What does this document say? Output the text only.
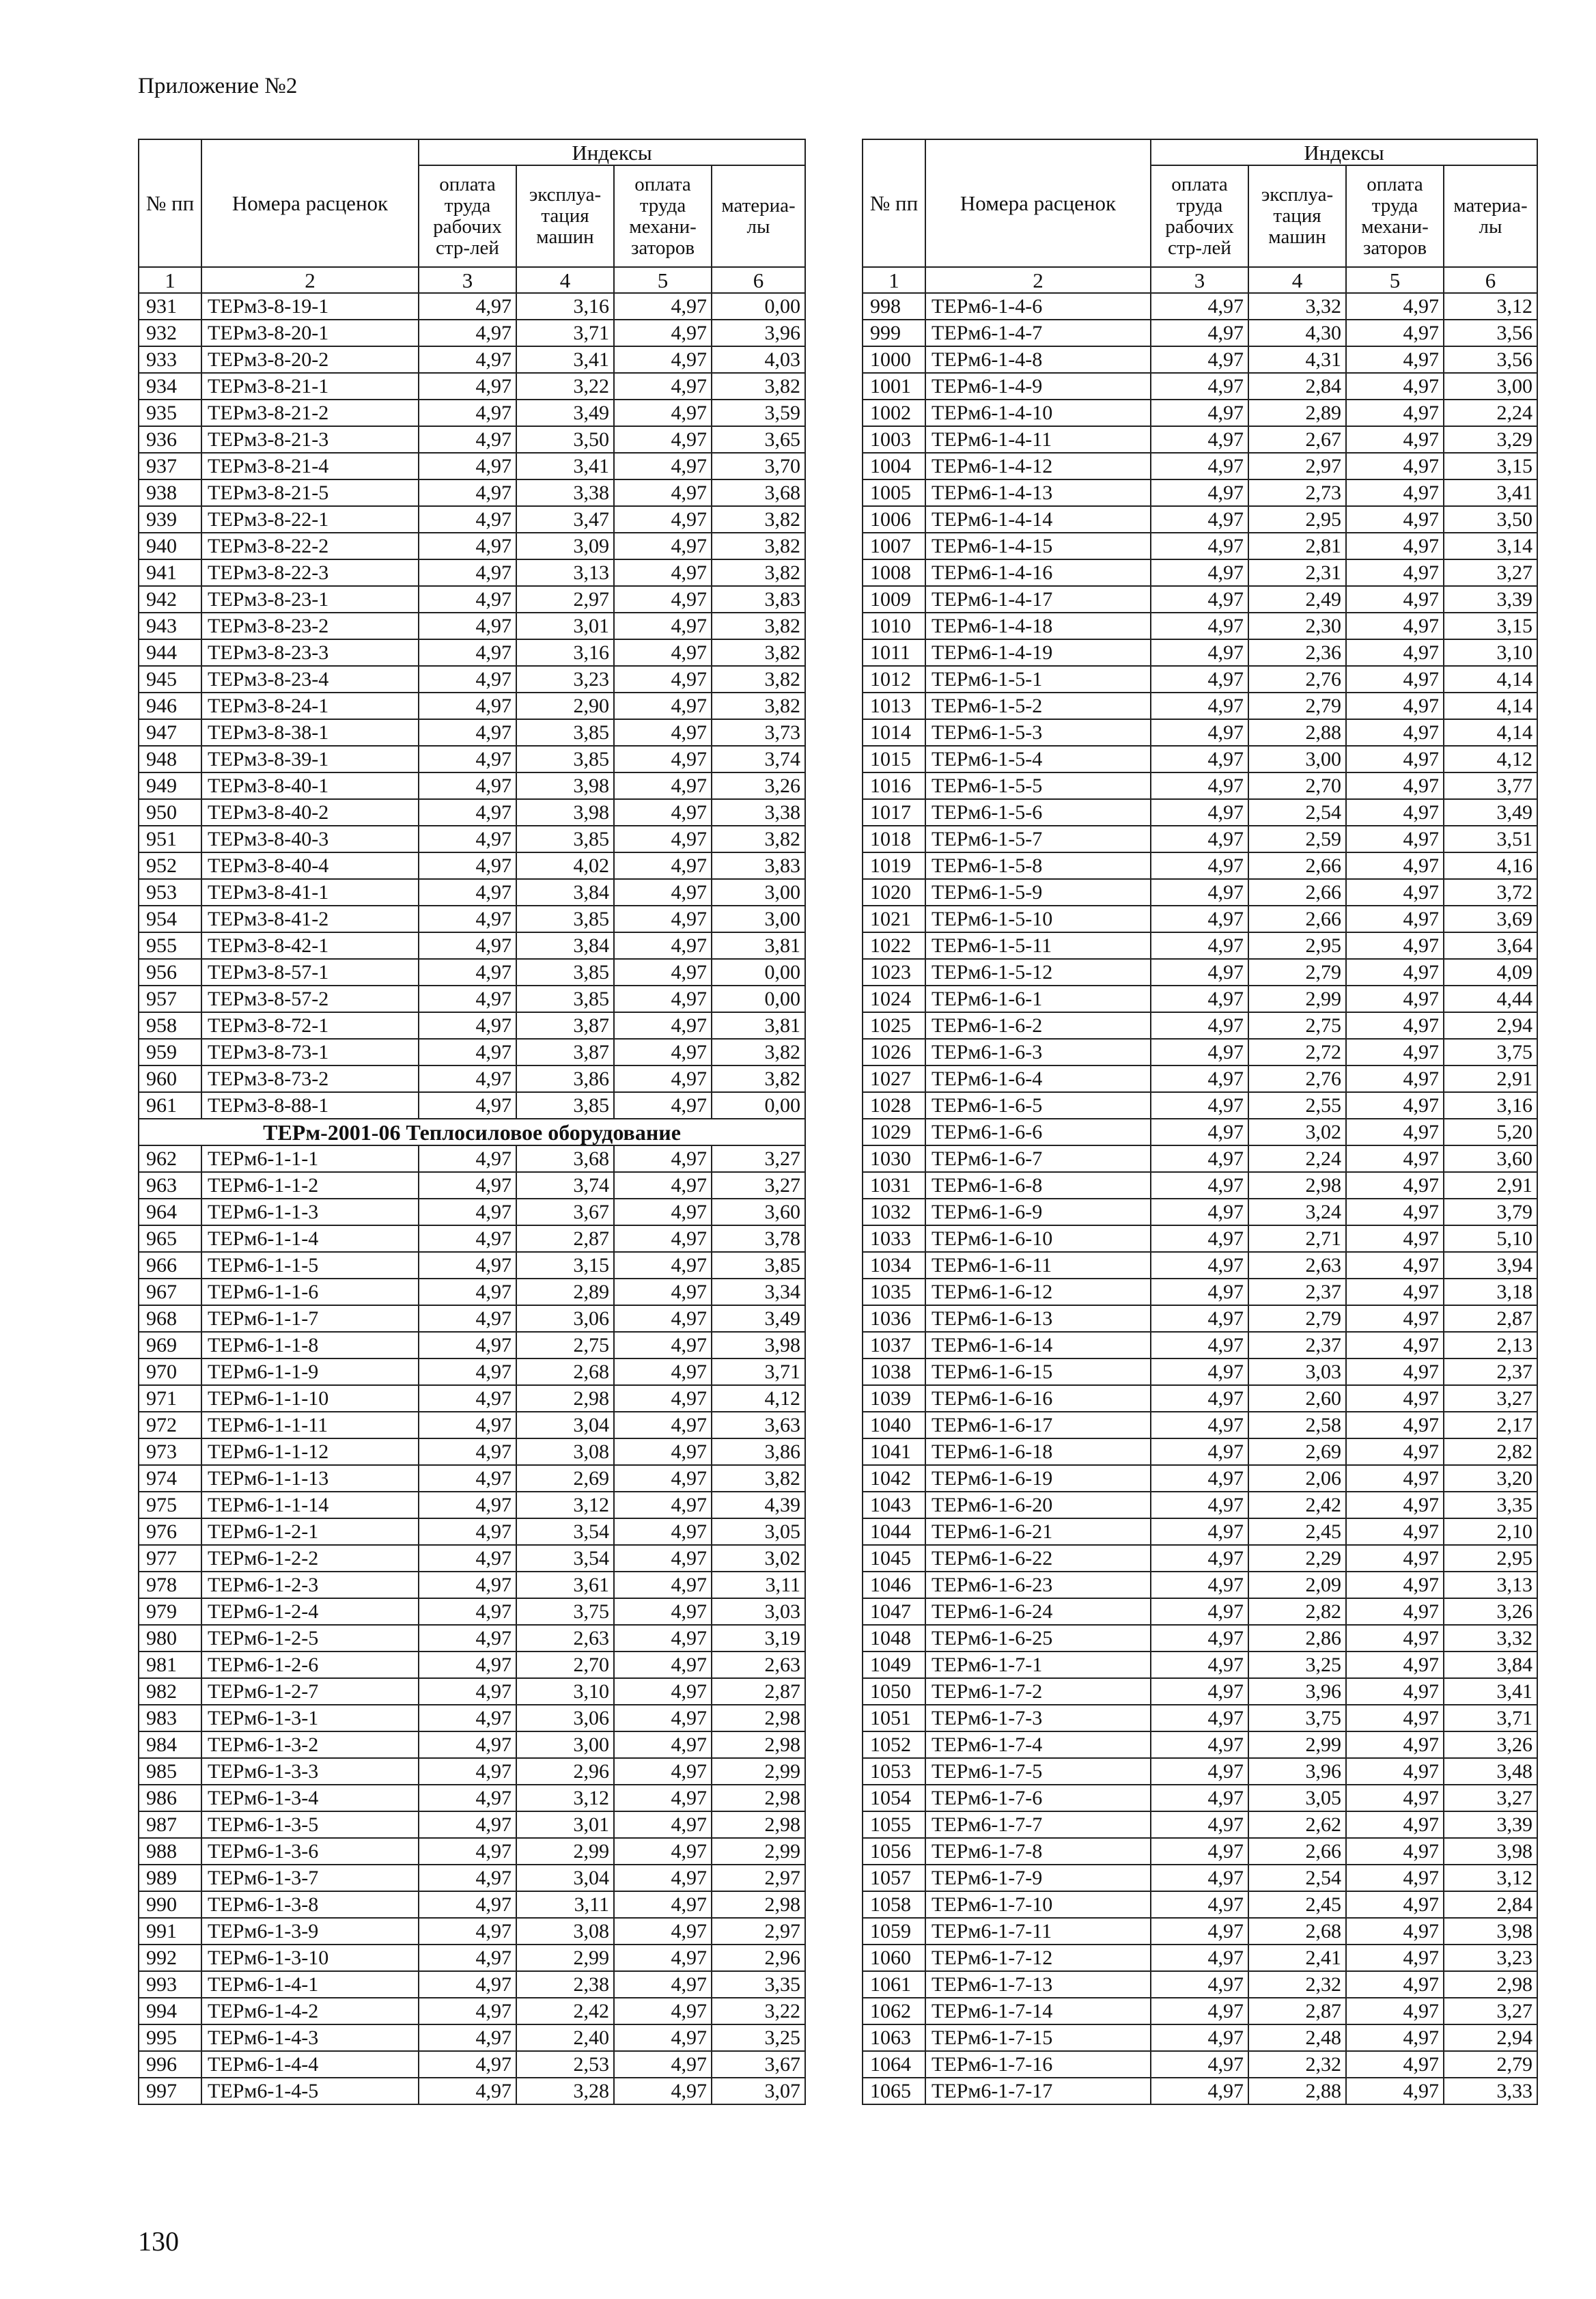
Приложение №2
№ пп	Номера расценок	Индексы			
		оплата труда рабочих стр-лей	эксплуа-тация машин	оплата труда механи-заторов	материа-лы
1	2	3	4	5	6
931	ТЕРм3-8-19-1	4,97	3,16	4,97	0,00
932	ТЕРм3-8-20-1	4,97	3,71	4,97	3,96
933	ТЕРм3-8-20-2	4,97	3,41	4,97	4,03
934	ТЕРм3-8-21-1	4,97	3,22	4,97	3,82
935	ТЕРм3-8-21-2	4,97	3,49	4,97	3,59
936	ТЕРм3-8-21-3	4,97	3,50	4,97	3,65
937	ТЕРм3-8-21-4	4,97	3,41	4,97	3,70
938	ТЕРм3-8-21-5	4,97	3,38	4,97	3,68
939	ТЕРм3-8-22-1	4,97	3,47	4,97	3,82
940	ТЕРм3-8-22-2	4,97	3,09	4,97	3,82
941	ТЕРм3-8-22-3	4,97	3,13	4,97	3,82
942	ТЕРм3-8-23-1	4,97	2,97	4,97	3,83
943	ТЕРм3-8-23-2	4,97	3,01	4,97	3,82
944	ТЕРм3-8-23-3	4,97	3,16	4,97	3,82
945	ТЕРм3-8-23-4	4,97	3,23	4,97	3,82
946	ТЕРм3-8-24-1	4,97	2,90	4,97	3,82
947	ТЕРм3-8-38-1	4,97	3,85	4,97	3,73
948	ТЕРм3-8-39-1	4,97	3,85	4,97	3,74
949	ТЕРм3-8-40-1	4,97	3,98	4,97	3,26
950	ТЕРм3-8-40-2	4,97	3,98	4,97	3,38
951	ТЕРм3-8-40-3	4,97	3,85	4,97	3,82
952	ТЕРм3-8-40-4	4,97	4,02	4,97	3,83
953	ТЕРм3-8-41-1	4,97	3,84	4,97	3,00
954	ТЕРм3-8-41-2	4,97	3,85	4,97	3,00
955	ТЕРм3-8-42-1	4,97	3,84	4,97	3,81
956	ТЕРм3-8-57-1	4,97	3,85	4,97	0,00
957	ТЕРм3-8-57-2	4,97	3,85	4,97	0,00
958	ТЕРм3-8-72-1	4,97	3,87	4,97	3,81
959	ТЕРм3-8-73-1	4,97	3,87	4,97	3,82
960	ТЕРм3-8-73-2	4,97	3,86	4,97	3,82
961	ТЕРм3-8-88-1	4,97	3,85	4,97	0,00
ТЕРм-2001-06 Теплосиловое оборудование					
962	ТЕРм6-1-1-1	4,97	3,68	4,97	3,27
963	ТЕРм6-1-1-2	4,97	3,74	4,97	3,27
964	ТЕРм6-1-1-3	4,97	3,67	4,97	3,60
965	ТЕРм6-1-1-4	4,97	2,87	4,97	3,78
966	ТЕРм6-1-1-5	4,97	3,15	4,97	3,85
967	ТЕРм6-1-1-6	4,97	2,89	4,97	3,34
968	ТЕРм6-1-1-7	4,97	3,06	4,97	3,49
969	ТЕРм6-1-1-8	4,97	2,75	4,97	3,98
970	ТЕРм6-1-1-9	4,97	2,68	4,97	3,71
971	ТЕРм6-1-1-10	4,97	2,98	4,97	4,12
972	ТЕРм6-1-1-11	4,97	3,04	4,97	3,63
973	ТЕРм6-1-1-12	4,97	3,08	4,97	3,86
974	ТЕРм6-1-1-13	4,97	2,69	4,97	3,82
975	ТЕРм6-1-1-14	4,97	3,12	4,97	4,39
976	ТЕРм6-1-2-1	4,97	3,54	4,97	3,05
977	ТЕРм6-1-2-2	4,97	3,54	4,97	3,02
978	ТЕРм6-1-2-3	4,97	3,61	4,97	3,11
979	ТЕРм6-1-2-4	4,97	3,75	4,97	3,03
980	ТЕРм6-1-2-5	4,97	2,63	4,97	3,19
981	ТЕРм6-1-2-6	4,97	2,70	4,97	2,63
982	ТЕРм6-1-2-7	4,97	3,10	4,97	2,87
983	ТЕРм6-1-3-1	4,97	3,06	4,97	2,98
984	ТЕРм6-1-3-2	4,97	3,00	4,97	2,98
985	ТЕРм6-1-3-3	4,97	2,96	4,97	2,99
986	ТЕРм6-1-3-4	4,97	3,12	4,97	2,98
987	ТЕРм6-1-3-5	4,97	3,01	4,97	2,98
988	ТЕРм6-1-3-6	4,97	2,99	4,97	2,99
989	ТЕРм6-1-3-7	4,97	3,04	4,97	2,97
990	ТЕРм6-1-3-8	4,97	3,11	4,97	2,98
991	ТЕРм6-1-3-9	4,97	3,08	4,97	2,97
992	ТЕРм6-1-3-10	4,97	2,99	4,97	2,96
993	ТЕРм6-1-4-1	4,97	2,38	4,97	3,35
994	ТЕРм6-1-4-2	4,97	2,42	4,97	3,22
995	ТЕРм6-1-4-3	4,97	2,40	4,97	3,25
996	ТЕРм6-1-4-4	4,97	2,53	4,97	3,67
997	ТЕРм6-1-4-5	4,97	3,28	4,97	3,07
№ пп	Номера расценок	Индексы			
		оплата труда рабочих стр-лей	эксплуа-тация машин	оплата труда механи-заторов	материа-лы
1	2	3	4	5	6
998	ТЕРм6-1-4-6	4,97	3,32	4,97	3,12
999	ТЕРм6-1-4-7	4,97	4,30	4,97	3,56
1000	ТЕРм6-1-4-8	4,97	4,31	4,97	3,56
1001	ТЕРм6-1-4-9	4,97	2,84	4,97	3,00
1002	ТЕРм6-1-4-10	4,97	2,89	4,97	2,24
1003	ТЕРм6-1-4-11	4,97	2,67	4,97	3,29
1004	ТЕРм6-1-4-12	4,97	2,97	4,97	3,15
1005	ТЕРм6-1-4-13	4,97	2,73	4,97	3,41
1006	ТЕРм6-1-4-14	4,97	2,95	4,97	3,50
1007	ТЕРм6-1-4-15	4,97	2,81	4,97	3,14
1008	ТЕРм6-1-4-16	4,97	2,31	4,97	3,27
1009	ТЕРм6-1-4-17	4,97	2,49	4,97	3,39
1010	ТЕРм6-1-4-18	4,97	2,30	4,97	3,15
1011	ТЕРм6-1-4-19	4,97	2,36	4,97	3,10
1012	ТЕРм6-1-5-1	4,97	2,76	4,97	4,14
1013	ТЕРм6-1-5-2	4,97	2,79	4,97	4,14
1014	ТЕРм6-1-5-3	4,97	2,88	4,97	4,14
1015	ТЕРм6-1-5-4	4,97	3,00	4,97	4,12
1016	ТЕРм6-1-5-5	4,97	2,70	4,97	3,77
1017	ТЕРм6-1-5-6	4,97	2,54	4,97	3,49
1018	ТЕРм6-1-5-7	4,97	2,59	4,97	3,51
1019	ТЕРм6-1-5-8	4,97	2,66	4,97	4,16
1020	ТЕРм6-1-5-9	4,97	2,66	4,97	3,72
1021	ТЕРм6-1-5-10	4,97	2,66	4,97	3,69
1022	ТЕРм6-1-5-11	4,97	2,95	4,97	3,64
1023	ТЕРм6-1-5-12	4,97	2,79	4,97	4,09
1024	ТЕРм6-1-6-1	4,97	2,99	4,97	4,44
1025	ТЕРм6-1-6-2	4,97	2,75	4,97	2,94
1026	ТЕРм6-1-6-3	4,97	2,72	4,97	3,75
1027	ТЕРм6-1-6-4	4,97	2,76	4,97	2,91
1028	ТЕРм6-1-6-5	4,97	2,55	4,97	3,16
1029	ТЕРм6-1-6-6	4,97	3,02	4,97	5,20
1030	ТЕРм6-1-6-7	4,97	2,24	4,97	3,60
1031	ТЕРм6-1-6-8	4,97	2,98	4,97	2,91
1032	ТЕРм6-1-6-9	4,97	3,24	4,97	3,79
1033	ТЕРм6-1-6-10	4,97	2,71	4,97	5,10
1034	ТЕРм6-1-6-11	4,97	2,63	4,97	3,94
1035	ТЕРм6-1-6-12	4,97	2,37	4,97	3,18
1036	ТЕРм6-1-6-13	4,97	2,79	4,97	2,87
1037	ТЕРм6-1-6-14	4,97	2,37	4,97	2,13
1038	ТЕРм6-1-6-15	4,97	3,03	4,97	2,37
1039	ТЕРм6-1-6-16	4,97	2,60	4,97	3,27
1040	ТЕРм6-1-6-17	4,97	2,58	4,97	2,17
1041	ТЕРм6-1-6-18	4,97	2,69	4,97	2,82
1042	ТЕРм6-1-6-19	4,97	2,06	4,97	3,20
1043	ТЕРм6-1-6-20	4,97	2,42	4,97	3,35
1044	ТЕРм6-1-6-21	4,97	2,45	4,97	2,10
1045	ТЕРм6-1-6-22	4,97	2,29	4,97	2,95
1046	ТЕРм6-1-6-23	4,97	2,09	4,97	3,13
1047	ТЕРм6-1-6-24	4,97	2,82	4,97	3,26
1048	ТЕРм6-1-6-25	4,97	2,86	4,97	3,32
1049	ТЕРм6-1-7-1	4,97	3,25	4,97	3,84
1050	ТЕРм6-1-7-2	4,97	3,96	4,97	3,41
1051	ТЕРм6-1-7-3	4,97	3,75	4,97	3,71
1052	ТЕРм6-1-7-4	4,97	2,99	4,97	3,26
1053	ТЕРм6-1-7-5	4,97	3,96	4,97	3,48
1054	ТЕРм6-1-7-6	4,97	3,05	4,97	3,27
1055	ТЕРм6-1-7-7	4,97	2,62	4,97	3,39
1056	ТЕРм6-1-7-8	4,97	2,66	4,97	3,98
1057	ТЕРм6-1-7-9	4,97	2,54	4,97	3,12
1058	ТЕРм6-1-7-10	4,97	2,45	4,97	2,84
1059	ТЕРм6-1-7-11	4,97	2,68	4,97	3,98
1060	ТЕРм6-1-7-12	4,97	2,41	4,97	3,23
1061	ТЕРм6-1-7-13	4,97	2,32	4,97	2,98
1062	ТЕРм6-1-7-14	4,97	2,87	4,97	3,27
1063	ТЕРм6-1-7-15	4,97	2,48	4,97	2,94
1064	ТЕРм6-1-7-16	4,97	2,32	4,97	2,79
1065	ТЕРм6-1-7-17	4,97	2,88	4,97	3,33
130
